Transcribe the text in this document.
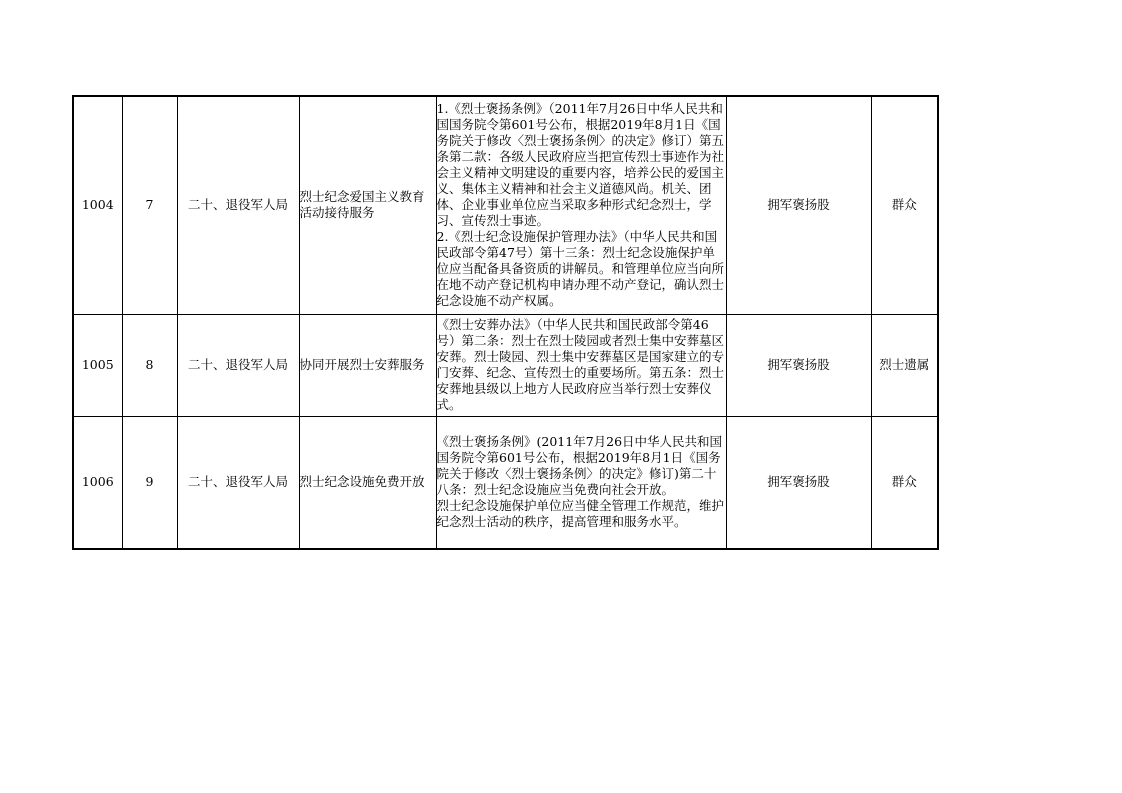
1004	7	二十、退役军人局	烈士纪念爱国主义教育活动接待服务	1.《烈士褒扬条例》（2011年7月26日中华人民共和国国务院令第601号公布，根据2019年8月1日《国务院关于修改〈烈士褒扬条例〉的决定》修订）第五条第二款：各级人民政府应当把宣传烈士事迹作为社会主义精神文明建设的重要内容，培养公民的爱国主义、集体主义精神和社会主义道德风尚。机关、团体、企业事业单位应当采取多种形式纪念烈士，学习、宣传烈士事迹。
2.《烈士纪念设施保护管理办法》（中华人民共和国民政部令第47号）第十三条：烈士纪念设施保护单位应当配备具备资质的讲解员。和管理单位应当向所在地不动产登记机构申请办理不动产登记，确认烈士纪念设施不动产权属。	拥军褒扬股	群众
1005	8	二十、退役军人局	协同开展烈士安葬服务	《烈士安葬办法》（中华人民共和国民政部令第46号）第二条：烈士在烈士陵园或者烈士集中安葬墓区安葬。烈士陵园、烈士集中安葬墓区是国家建立的专门安葬、纪念、宣传烈士的重要场所。第五条：烈士安葬地县级以上地方人民政府应当举行烈士安葬仪式。	拥军褒扬股	烈士遗属
1006	9	二十、退役军人局	烈士纪念设施免费开放	《烈士褒扬条例》(2011年7月26日中华人民共和国国务院令第601号公布，根据2019年8月1日《国务院关于修改〈烈士褒扬条例〉的决定》修订)第二十八条：烈士纪念设施应当免费向社会开放。
烈士纪念设施保护单位应当健全管理工作规范，维护纪念烈士活动的秩序，提高管理和服务水平。	拥军褒扬股	群众
